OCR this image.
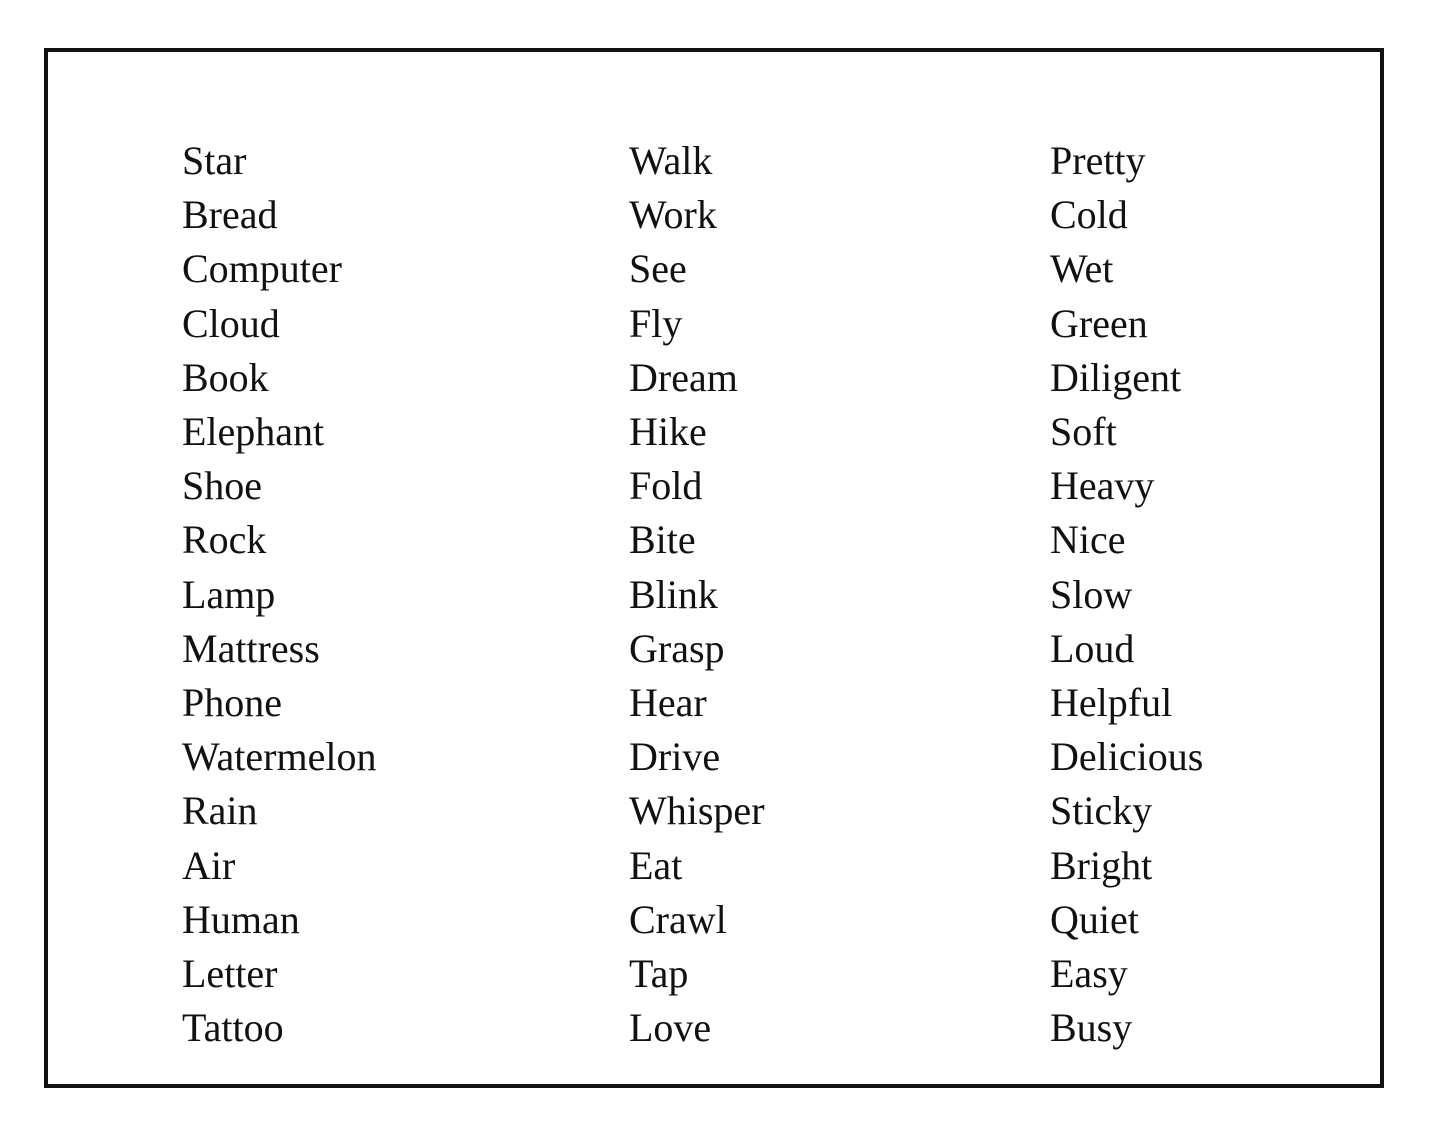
Star
Bread
Computer
Cloud
Book
Elephant
Shoe
Rock
Lamp
Mattress
Phone
Watermelon
Rain
Air
Human
Letter
Tattoo
Walk
Work
See
Fly
Dream
Hike
Fold
Bite
Blink
Grasp
Hear
Drive
Whisper
Eat
Crawl
Tap
Love
Pretty
Cold
Wet
Green
Diligent
Soft
Heavy
Nice
Slow
Loud
Helpful
Delicious
Sticky
Bright
Quiet
Easy
Busy
